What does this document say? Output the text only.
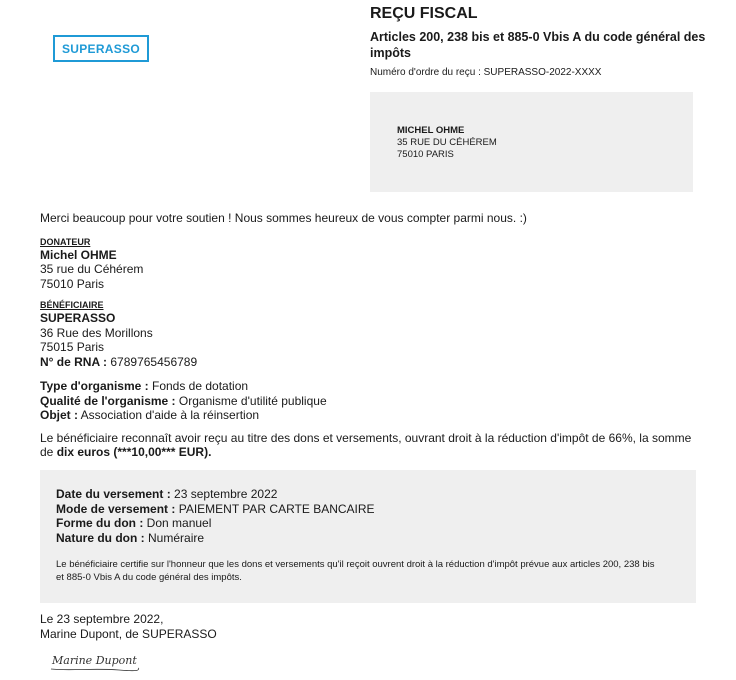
SUPERASSO
REÇU FISCAL
Articles 200, 238 bis et 885-0 Vbis A du code général des impôts
Numéro d'ordre du reçu : SUPERASSO-2022-XXXX
MICHEL OHME
35 RUE DU CÉHÉREM
75010 PARIS
Merci beaucoup pour votre soutien ! Nous sommes heureux de vous compter parmi nous. :)
DONATEUR
Michel OHME
35 rue du Céhérem
75010 Paris
BÉNÉFICIAIRE
SUPERASSO
36 Rue des Morillons
75015 Paris
N° de RNA : 6789765456789
Type d'organisme : Fonds de dotation
Qualité de l'organisme : Organisme d'utilité publique
Objet : Association d'aide à la réinsertion
Le bénéficiaire reconnaît avoir reçu au titre des dons et versements, ouvrant droit à la réduction d'impôt de 66%, la somme de dix euros (***10,00*** EUR).
Date du versement : 23 septembre 2022
Mode de versement : PAIEMENT PAR CARTE BANCAIRE
Forme du don : Don manuel
Nature du don : Numéraire
Le bénéficiaire certifie sur l'honneur que les dons et versements qu'il reçoit ouvrent droit à la réduction d'impôt prévue aux articles 200, 238 bis et 885-0 Vbis A du code général des impôts.
Le 23 septembre 2022,
Marine Dupont, de SUPERASSO
Marine Dupont
